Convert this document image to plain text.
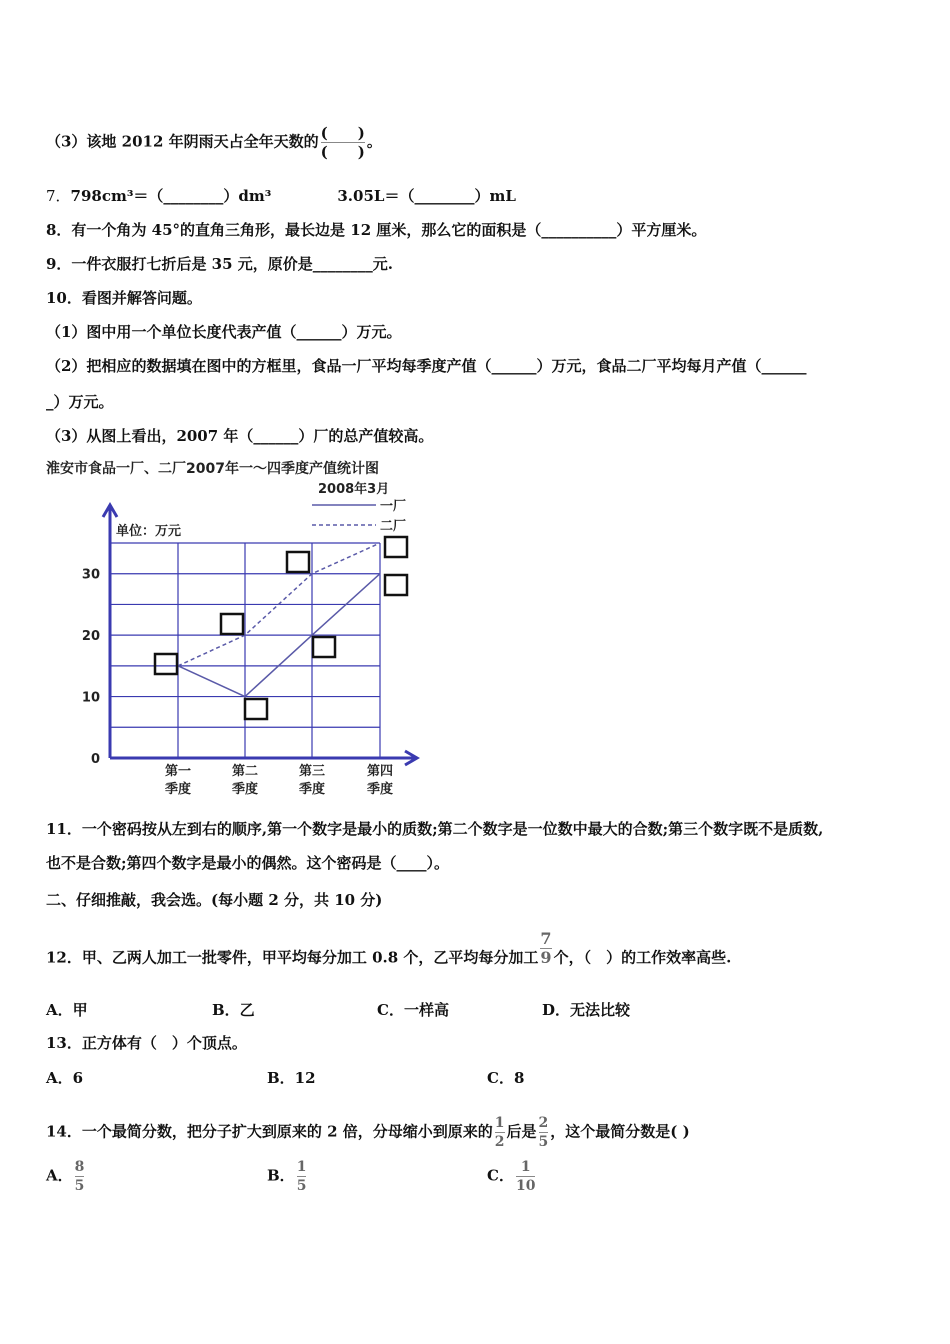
（3）该地 2012 年阴雨天占全年天数的 $\frac{( )}{( )}$ 。
7．798cm³＝（________）dm³	3.05L＝（________）mL
8．有一个角为 45°的直角三角形，最长边是 12 厘米，那么它的面积是（__________）平方厘米。
9．一件衣服打七折后是 35 元，原价是________元.
10．看图并解答问题。
（1）图中用一个单位长度代表产值（______）万元。
（2）把相应的数据填在图中的方框里，食品一厂平均每季度产值（______）万元，食品二厂平均每月产值（______
_）万元。
（3）从图上看出，2007 年（______）厂的总产值较高。
淮安市食品一厂、二厂2007年一～四季度产值统计图
2008年3月
单位：万元
一厂
二厂
0
10
20
30
第一
季度
第二
季度
第三
季度
第四
季度
11．一个密码按从左到右的顺序,第一个数字是最小的质数;第二个数字是一位数中最大的合数;第三个数字既不是质数,
也不是合数;第四个数字是最小的偶然。这个密码是（____）。
二、仔细推敲，我会选。(每小题 2 分，共 10 分)
12．甲、乙两人加工一批零件，甲平均每分加工 0.8 个，乙平均每分加工 $\frac{7}{9}$ 个，（　）的工作效率高些.
A．甲	B．乙	C．一样高	D．无法比较
13．正方体有（　）个顶点。
A．6	B．12	C．8
14．一个最简分数，把分子扩大到原来的 2 倍，分母缩小到原来的 $\frac{1}{2}$ 后是 $\frac{2}{5}$ ，这个最简分数是( )
A． $\frac{8}{5}$	B． $\frac{1}{5}$	C． $\frac{1}{10}$
